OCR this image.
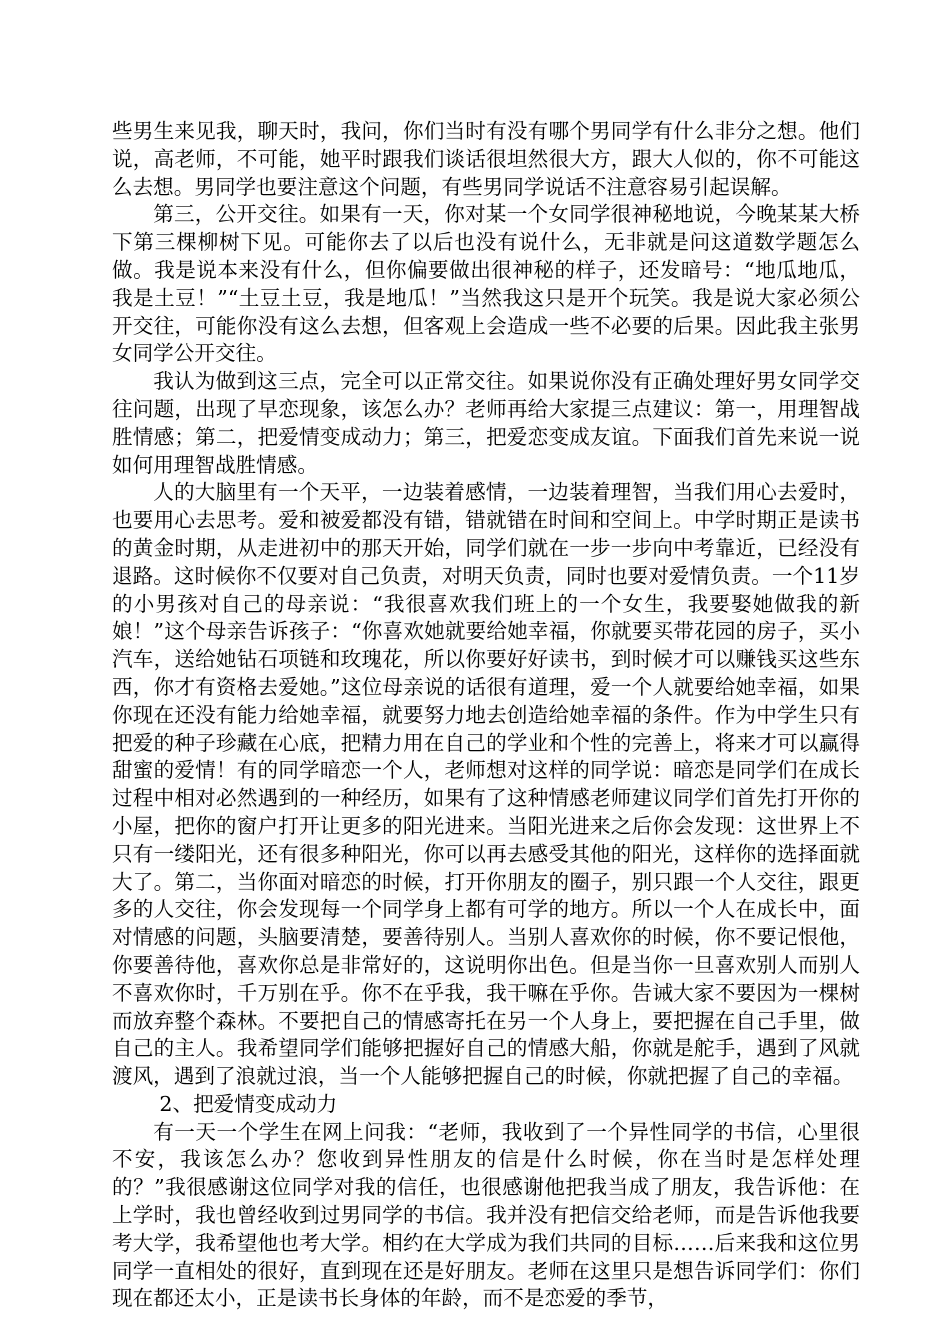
些男生来见我，聊天时，我问，你们当时有没有哪个男同学有什么非分之想。他们说，高老师，不可能，她平时跟我们谈话很坦然很大方，跟大人似的，你不可能这么去想。男同学也要注意这个问题，有些男同学说话不注意容易引起误解。

第三，公开交往。如果有一天，你对某一个女同学很神秘地说，今晚某某大桥下第三棵柳树下见。可能你去了以后也没有说什么，无非就是问这道数学题怎么做。我是说本来没有什么，但你偏要做出很神秘的样子，还发暗号：“地瓜地瓜，我是土豆！”“土豆土豆，我是地瓜！”当然我这只是开个玩笑。我是说大家必须公开交往，可能你没有这么去想，但客观上会造成一些不必要的后果。因此我主张男女同学公开交往。

我认为做到这三点，完全可以正常交往。如果说你没有正确处理好男女同学交往问题，出现了早恋现象，该怎么办？老师再给大家提三点建议：第一，用理智战胜情感；第二，把爱情变成动力；第三，把爱恋变成友谊。下面我们首先来说一说如何用理智战胜情感。

人的大脑里有一个天平，一边装着感情，一边装着理智，当我们用心去爱时，也要用心去思考。爱和被爱都没有错，错就错在时间和空间上。中学时期正是读书的黄金时期，从走进初中的那天开始，同学们就在一步一步向中考靠近，已经没有退路。这时候你不仅要对自己负责，对明天负责，同时也要对爱情负责。一个11岁的小男孩对自己的母亲说：“我很喜欢我们班上的一个女生，我要娶她做我的新娘！”这个母亲告诉孩子：“你喜欢她就要给她幸福，你就要买带花园的房子，买小汽车，送给她钻石项链和玫瑰花，所以你要好好读书，到时候才可以赚钱买这些东西，你才有资格去爱她。”这位母亲说的话很有道理，爱一个人就要给她幸福，如果你现在还没有能力给她幸福，就要努力地去创造给她幸福的条件。作为中学生只有把爱的种子珍藏在心底，把精力用在自己的学业和个性的完善上，将来才可以赢得甜蜜的爱情！有的同学暗恋一个人，老师想对这样的同学说：暗恋是同学们在成长过程中相对必然遇到的一种经历，如果有了这种情感老师建议同学们首先打开你的小屋，把你的窗户打开让更多的阳光进来。当阳光进来之后你会发现：这世界上不只有一缕阳光，还有很多种阳光，你可以再去感受其他的阳光，这样你的选择面就大了。第二，当你面对暗恋的时候，打开你朋友的圈子，别只跟一个人交往，跟更多的人交往，你会发现每一个同学身上都有可学的地方。所以一个人在成长中，面对情感的问题，头脑要清楚，要善待别人。当别人喜欢你的时候，你不要记恨他，你要善待他，喜欢你总是非常好的，这说明你出色。但是当你一旦喜欢别人而别人不喜欢你时，千万别在乎。你不在乎我，我干嘛在乎你。告诫大家不要因为一棵树而放弃整个森林。不要把自己的情感寄托在另一个人身上，要把握在自己手里，做自己的主人。我希望同学们能够把握好自己的情感大船，你就是舵手，遇到了风就渡风，遇到了浪就过浪，当一个人能够把握自己的时候，你就把握了自己的幸福。

2、把爱情变成动力

有一天一个学生在网上问我：“老师，我收到了一个异性同学的书信，心里很不安，我该怎么办？您收到异性朋友的信是什么时候，你在当时是怎样处理的？”我很感谢这位同学对我的信任，也很感谢他把我当成了朋友，我告诉他：在上学时，我也曾经收到过男同学的书信。我并没有把信交给老师，而是告诉他我要考大学，我希望他也考大学。相约在大学成为我们共同的目标……后来我和这位男同学一直相处的很好，直到现在还是好朋友。老师在这里只是想告诉同学们：你们现在都还太小，正是读书长身体的年龄，而不是恋爱的季节，
